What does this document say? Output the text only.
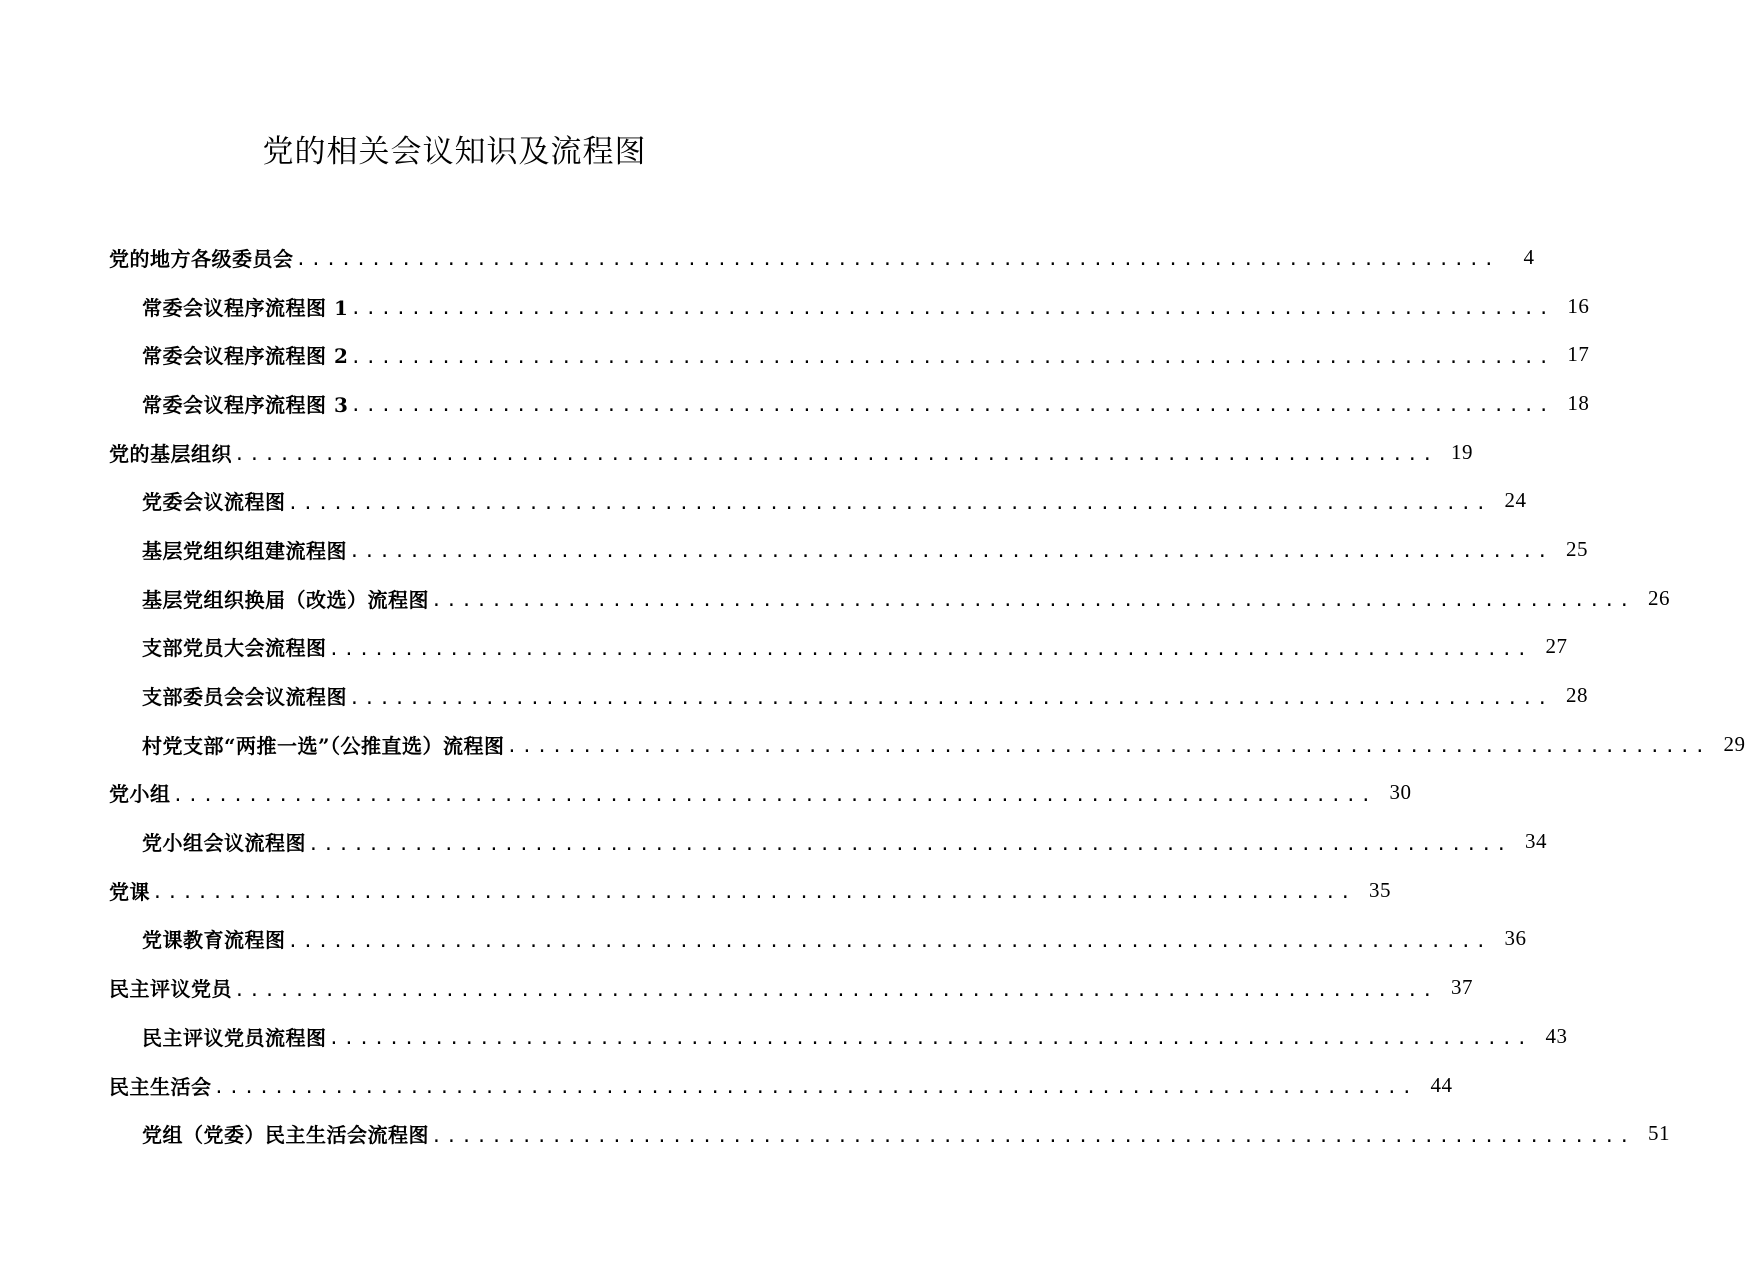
党的相关会议知识及流程图
党的地方各级委员会 ................................................................................	4
常委会议程序流程图 1 ................................................................................ 16
常委会议程序流程图 2 ................................................................................ 17
常委会议程序流程图 3 ................................................................................ 18
党的基层组织 ................................................................................ 19
党委会议流程图 ................................................................................ 24
基层党组织组建流程图 ................................................................................ 25
基层党组织换届（改选）流程图 ................................................................................ 26
支部党员大会流程图 ................................................................................ 27
支部委员会会议流程图 ................................................................................ 28
村党支部“两推一选”（公推直选）流程图 ................................................................................ 29
党小组 ................................................................................ 30
党小组会议流程图 ................................................................................ 34
党课 ................................................................................ 35
党课教育流程图 ................................................................................ 36
民主评议党员 ................................................................................ 37
民主评议党员流程图 ................................................................................ 43
民主生活会 ................................................................................ 44
党组（党委）民主生活会流程图 ................................................................................ 51
